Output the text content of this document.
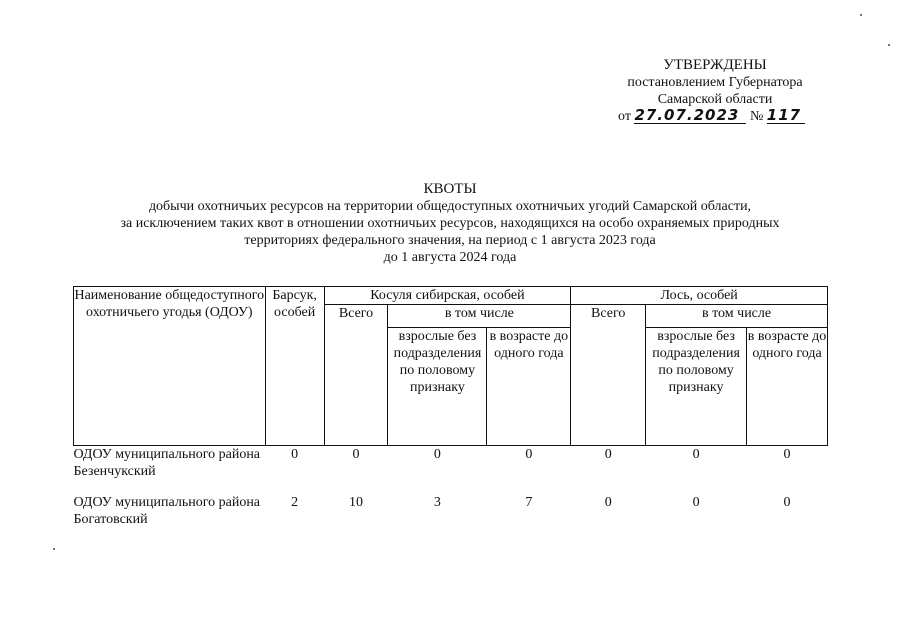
УТВЕРЖДЕНЫ
постановлением Губернатора
Самарской области
от 27.07.2023 № 117
КВОТЫ
добычи охотничьих ресурсов на территории общедоступных охотничьих угодий Самарской области,
за исключением таких квот в отношении охотничьих ресурсов, находящихся на особо охраняемых природных
территориях федерального значения, на период с 1 августа 2023 года
до 1 августа 2024 года
Наименование общедоступного охотничьего угодья (ОДОУ)	Барсук, особей	Косуля сибирская, особей			Лось, особей		
		Всего	в том числе		Всего	в том числе	
			взрослые без подразделения по половому признаку	в возрасте до одного года		взрослые без подразделения по половому признаку	в возрасте до одного года
ОДОУ муниципального района Безенчукский	0	0	0	0	0	0	0
ОДОУ муниципального района Богатовский	2	10	3	7	0	0	0
